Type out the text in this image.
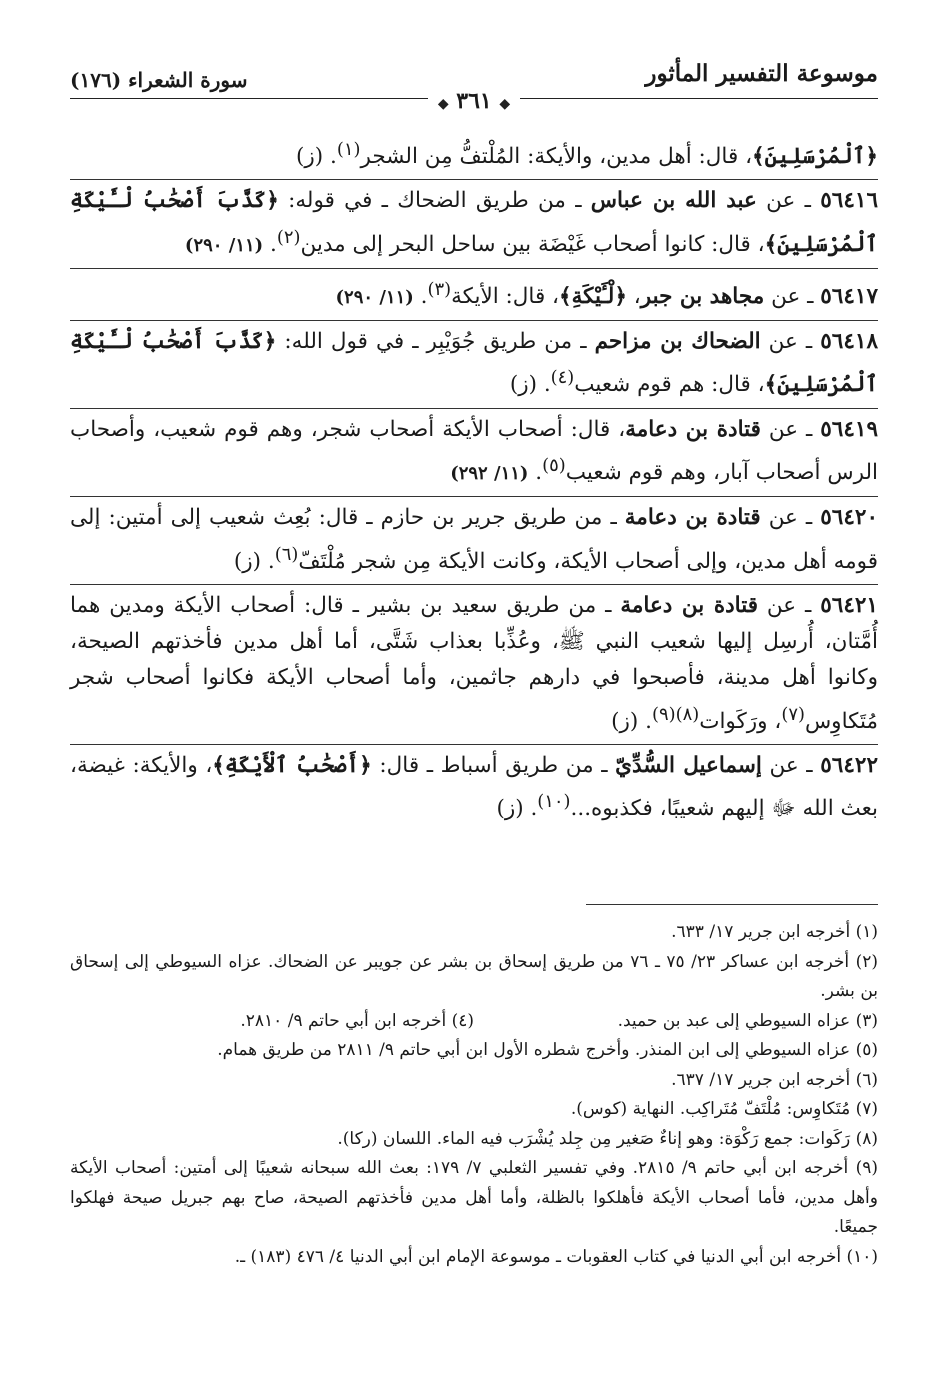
موسوعة التفسير المأثور
سورة الشعراء (١٧٦)
◆ ٣٦١ ◆
﴿ٱلْمُرْسَلِينَ﴾، قال: أهل مدين، والأيكة: المُلْتفُّ مِن الشجر$^{(١)}$. (ز)
٥٦٤١٦ ـ عن عبد الله بن عباس ـ من طريق الضحاك ـ في قوله: ﴿كَذَّبَ أَصْحَٰبُ لْـَٔيْكَةِ ٱلْمُرْسَلِينَ﴾، قال: كانوا أصحاب غَيْضَة بين ساحل البحر إلى مدين$^{(٢)}$. (١١/ ٢٩٠)
٥٦٤١٧ ـ عن مجاهد بن جبر، ﴿لْـَٔيْكَةِ﴾، قال: الأيكة$^{(٣)}$. (١١/ ٢٩٠)
٥٦٤١٨ ـ عن الضحاك بن مزاحم ـ من طريق جُوَيْبِر ـ في قول الله: ﴿كَذَّبَ أَصْحَٰبُ لْـَٔيْكَةِ ٱلْمُرْسَلِينَ﴾، قال: هم قوم شعيب$^{(٤)}$. (ز)
٥٦٤١٩ ـ عن قتادة بن دعامة، قال: أصحاب الأيكة أصحاب شجر، وهم قوم شعيب، وأصحاب الرس أصحاب آبار، وهم قوم شعيب$^{(٥)}$. (١١/ ٢٩٢)
٥٦٤٢٠ ـ عن قتادة بن دعامة ـ من طريق جرير بن حازم ـ قال: بُعِث شعيب إلى أمتين: إلى قومه أهل مدين، وإلى أصحاب الأيكة، وكانت الأيكة مِن شجر مُلْتَفّ$^{(٦)}$. (ز)
٥٦٤٢١ ـ عن قتادة بن دعامة ـ من طريق سعيد بن بشير ـ قال: أصحاب الأيكة ومدين هما أُمَّتان، أُرسِل إليها شعيب النبي ﷺ، وعُذِّبا بعذاب شَتَّى، أما أهل مدين فأخذتهم الصيحة، وكانوا أهل مدينة، فأصبحوا في دارهم جاثمين، وأما أصحاب الأيكة فكانوا أصحاب شجر مُتَكاوِس$^{(٧)}$، ورَكَوات$^{(٨)(٩)}$. (ز)
٥٦٤٢٢ ـ عن إسماعيل السُّدِّيّ ـ من طريق أسباط ـ قال: ﴿أَصْحَٰبُ ٱلْأَيْكَةِ﴾، والأيكة: غيضة، بعث الله ﷻ إليهم شعيبًا، فكذبوه...$^{(١٠)}$. (ز)

(١) أخرجه ابن جرير ١٧/ ٦٣٣.

(٢) أخرجه ابن عساكر ٢٣/ ٧٥ ـ ٧٦ من طريق إسحاق بن بشر عن جويبر عن الضحاك. عزاه السيوطي إلى إسحاق بن بشر.

(٣) عزاه السيوطي إلى عبد بن حميد.

(٤) أخرجه ابن أبي حاتم ٩/ ٢٨١٠.

(٥) عزاه السيوطي إلى ابن المنذر. وأخرج شطره الأول ابن أبي حاتم ٩/ ٢٨١١ من طريق همام.

(٦) أخرجه ابن جرير ١٧/ ٦٣٧.

(٧) مُتَكاوِس: مُلْتَفّ مُتَراكِب. النهاية (كوس).

(٨) رَكَوات: جمع رَكْوَة: وهو إناءٌ صَغير مِن جِلد يُشْرَب فيه الماء. اللسان (ركا).

(٩) أخرجه ابن أبي حاتم ٩/ ٢٨١٥. وفي تفسير الثعلبي ٧/ ١٧٩: بعث الله سبحانه شعيبًا إلى أمتين: أصحاب الأيكة وأهل مدين، فأما أصحاب الأيكة فأهلكوا بالظلة، وأما أهل مدين فأخذتهم الصيحة، صاح بهم جبريل صيحة فهلكوا جميعًا.

(١٠) أخرجه ابن أبي الدنيا في كتاب العقوبات ـ موسوعة الإمام ابن أبي الدنيا ٤/ ٤٧٦ (١٨٣) ـ.
